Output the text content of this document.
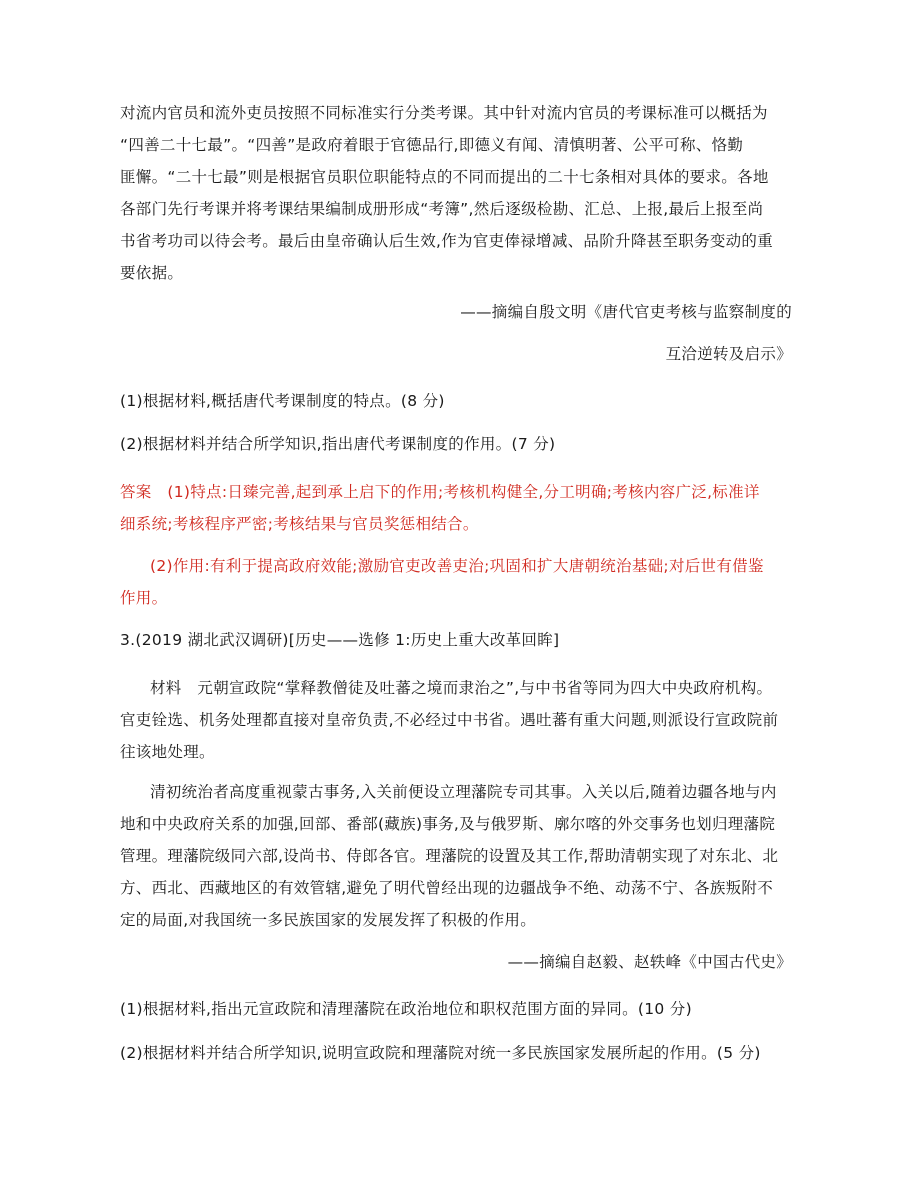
对流内官员和流外吏员按照不同标准实行分类考课。其中针对流内官员的考课标准可以概括为
“四善二十七最”。“四善”是政府着眼于官德品行,即德义有闻、清慎明著、公平可称、恪勤
匪懈。“二十七最”则是根据官员职位职能特点的不同而提出的二十七条相对具体的要求。各地
各部门先行考课并将考课结果编制成册形成“考簿”,然后逐级检勘、汇总、上报,最后上报至尚
书省考功司以待会考。最后由皇帝确认后生效,作为官吏俸禄增减、品阶升降甚至职务变动的重
要依据。
——摘编自殷文明《唐代官吏考核与监察制度的
互洽逆转及启示》
(1)根据材料,概括唐代考课制度的特点。(8 分)
(2)根据材料并结合所学知识,指出唐代考课制度的作用。(7 分)
答案　(1)特点:日臻完善,起到承上启下的作用;考核机构健全,分工明确;考核内容广泛,标准详
细系统;考核程序严密;考核结果与官员奖惩相结合。
(2)作用:有利于提高政府效能;激励官吏改善吏治;巩固和扩大唐朝统治基础;对后世有借鉴
作用。
3.(2019 湖北武汉调研)[历史——选修 1:历史上重大改革回眸]
材料　元朝宣政院“掌释教僧徒及吐蕃之境而隶治之”,与中书省等同为四大中央政府机构。
官吏铨选、机务处理都直接对皇帝负责,不必经过中书省。遇吐蕃有重大问题,则派设行宣政院前
往该地处理。
清初统治者高度重视蒙古事务,入关前便设立理藩院专司其事。入关以后,随着边疆各地与内
地和中央政府关系的加强,回部、番部(藏族)事务,及与俄罗斯、廓尔喀的外交事务也划归理藩院
管理。理藩院级同六部,设尚书、侍郎各官。理藩院的设置及其工作,帮助清朝实现了对东北、北
方、西北、西藏地区的有效管辖,避免了明代曾经出现的边疆战争不绝、动荡不宁、各族叛附不
定的局面,对我国统一多民族国家的发展发挥了积极的作用。
——摘编自赵毅、赵轶峰《中国古代史》
(1)根据材料,指出元宣政院和清理藩院在政治地位和职权范围方面的异同。(10 分)
(2)根据材料并结合所学知识,说明宣政院和理藩院对统一多民族国家发展所起的作用。(5 分)
